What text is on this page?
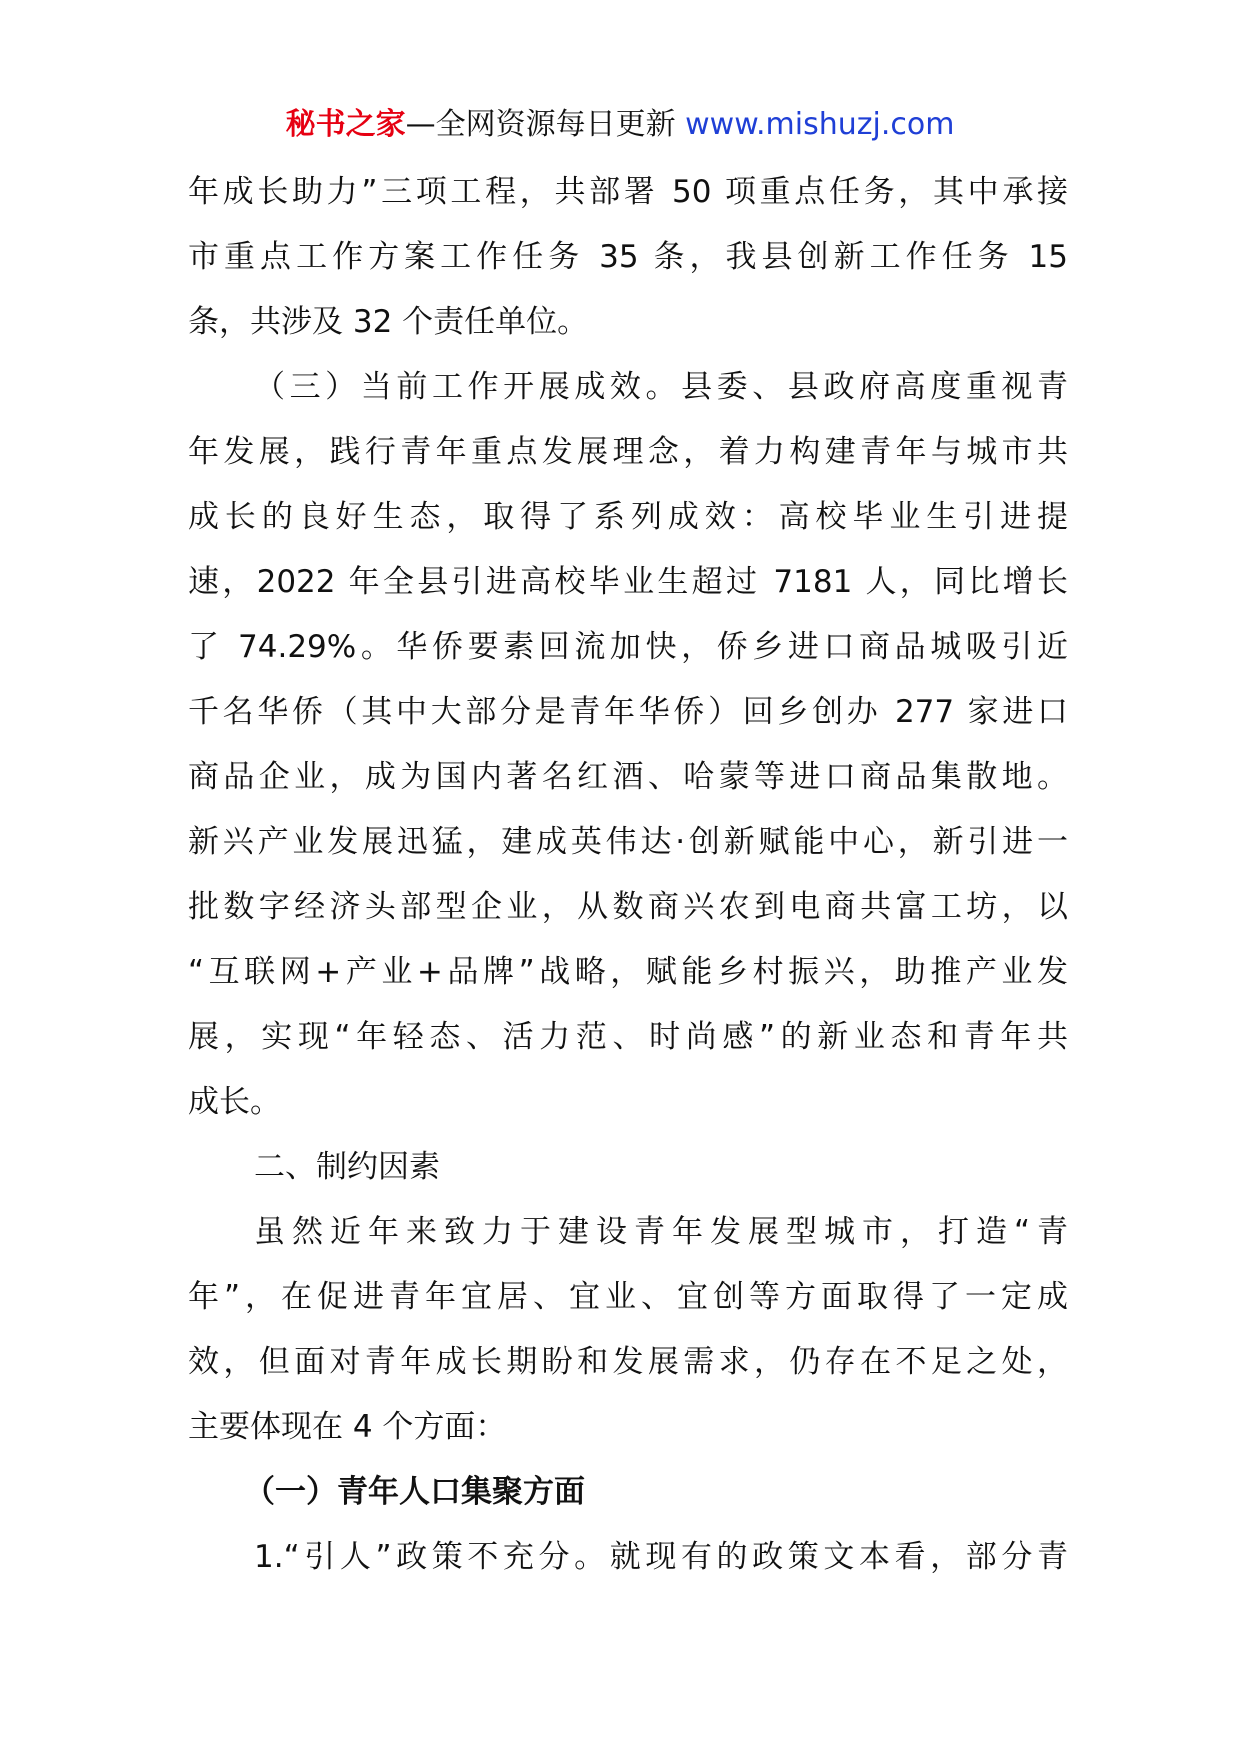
秘书之家—全网资源每日更新 www.mishuzj.com
年成长助力”三项工程，共部署 50 项重点任务，其中承接
市重点工作方案工作任务 35 条，我县创新工作任务 15
条，共涉及 32 个责任单位。
（三）当前工作开展成效。县委、县政府高度重视青
年发展，践行青年重点发展理念，着力构建青年与城市共
成长的良好生态，取得了系列成效：高校毕业生引进提
速，2022 年全县引进高校毕业生超过 7181 人，同比增长
了 74.29%。华侨要素回流加快，侨乡进口商品城吸引近
千名华侨（其中大部分是青年华侨）回乡创办 277 家进口
商品企业，成为国内著名红酒、哈蒙等进口商品集散地。
新兴产业发展迅猛，建成英伟达·创新赋能中心，新引进一
批数字经济头部型企业，从数商兴农到电商共富工坊，以
“互联网+产业+品牌”战略，赋能乡村振兴，助推产业发
展，实现“年轻态、活力范、时尚感”的新业态和青年共
成长。
二、制约因素
虽然近年来致力于建设青年发展型城市，打造“青
年”，在促进青年宜居、宜业、宜创等方面取得了一定成
效，但面对青年成长期盼和发展需求，仍存在不足之处，
主要体现在 4 个方面：
（一）青年人口集聚方面
1.“引人”政策不充分。就现有的政策文本看，部分青
